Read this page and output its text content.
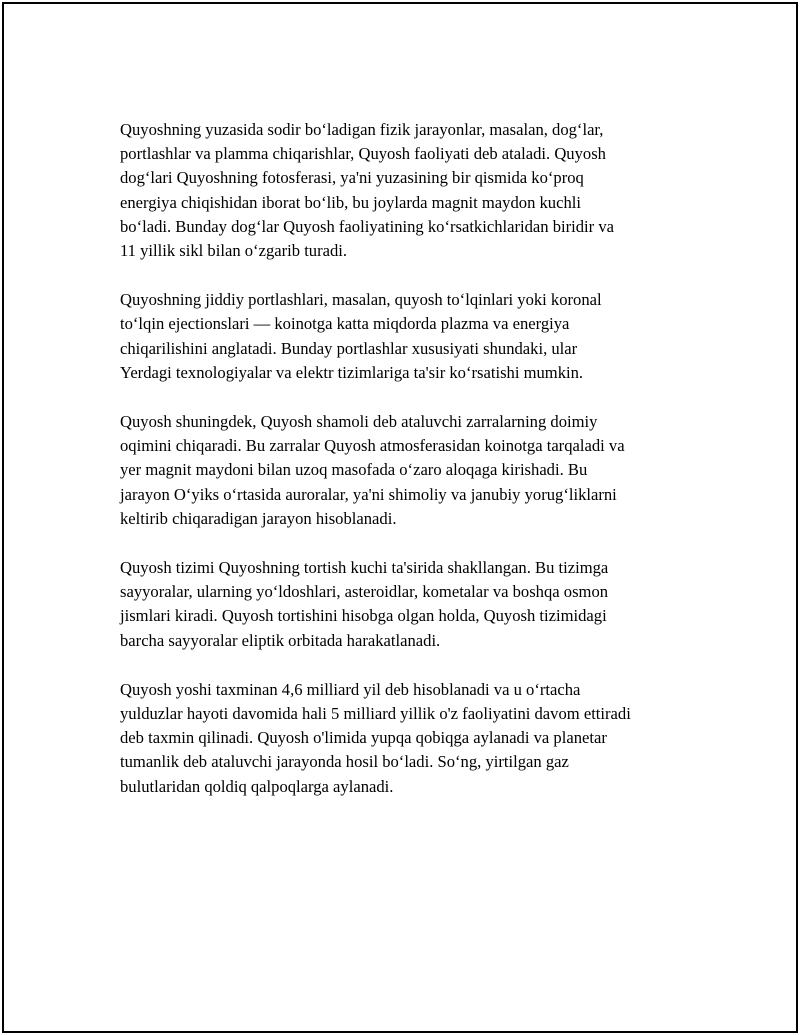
Quyoshning yuzasida sodir bo‘ladigan fizik jarayonlar, masalan, dog‘lar,
portlashlar va plamma chiqarishlar, Quyosh faoliyati deb ataladi. Quyosh
dog‘lari Quyoshning fotosferasi, ya'ni yuzasining bir qismida ko‘proq
energiya chiqishidan iborat bo‘lib, bu joylarda magnit maydon kuchli
bo‘ladi. Bunday dog‘lar Quyosh faoliyatining ko‘rsatkichlaridan biridir va
11 yillik sikl bilan o‘zgarib turadi.

Quyoshning jiddiy portlashlari, masalan, quyosh to‘lqinlari yoki koronal
to‘lqin ejectionslari — koinotga katta miqdorda plazma va energiya
chiqarilishini anglatadi. Bunday portlashlar xususiyati shundaki, ular
Yerdagi texnologiyalar va elektr tizimlariga ta'sir ko‘rsatishi mumkin.

Quyosh shuningdek, Quyosh shamoli deb ataluvchi zarralarning doimiy
oqimini chiqaradi. Bu zarralar Quyosh atmosferasidan koinotga tarqaladi va
yer magnit maydoni bilan uzoq masofada o‘zaro aloqaga kirishadi. Bu
jarayon O‘yiks o‘rtasida auroralar, ya'ni shimoliy va janubiy yorug‘liklarni
keltirib chiqaradigan jarayon hisoblanadi.

Quyosh tizimi Quyoshning tortish kuchi ta'sirida shakllangan. Bu tizimga
sayyoralar, ularning yo‘ldoshlari, asteroidlar, kometalar va boshqa osmon
jismlari kiradi. Quyosh tortishini hisobga olgan holda, Quyosh tizimidagi
barcha sayyoralar eliptik orbitada harakatlanadi.

Quyosh yoshi taxminan 4,6 milliard yil deb hisoblanadi va u o‘rtacha
yulduzlar hayoti davomida hali 5 milliard yillik o'z faoliyatini davom ettiradi
deb taxmin qilinadi. Quyosh o'limida yupqa qobiqga aylanadi va planetar
tumanlik deb ataluvchi jarayonda hosil bo‘ladi. So‘ng, yirtilgan gaz
bulutlaridan qoldiq qalpoqlarga aylanadi.
